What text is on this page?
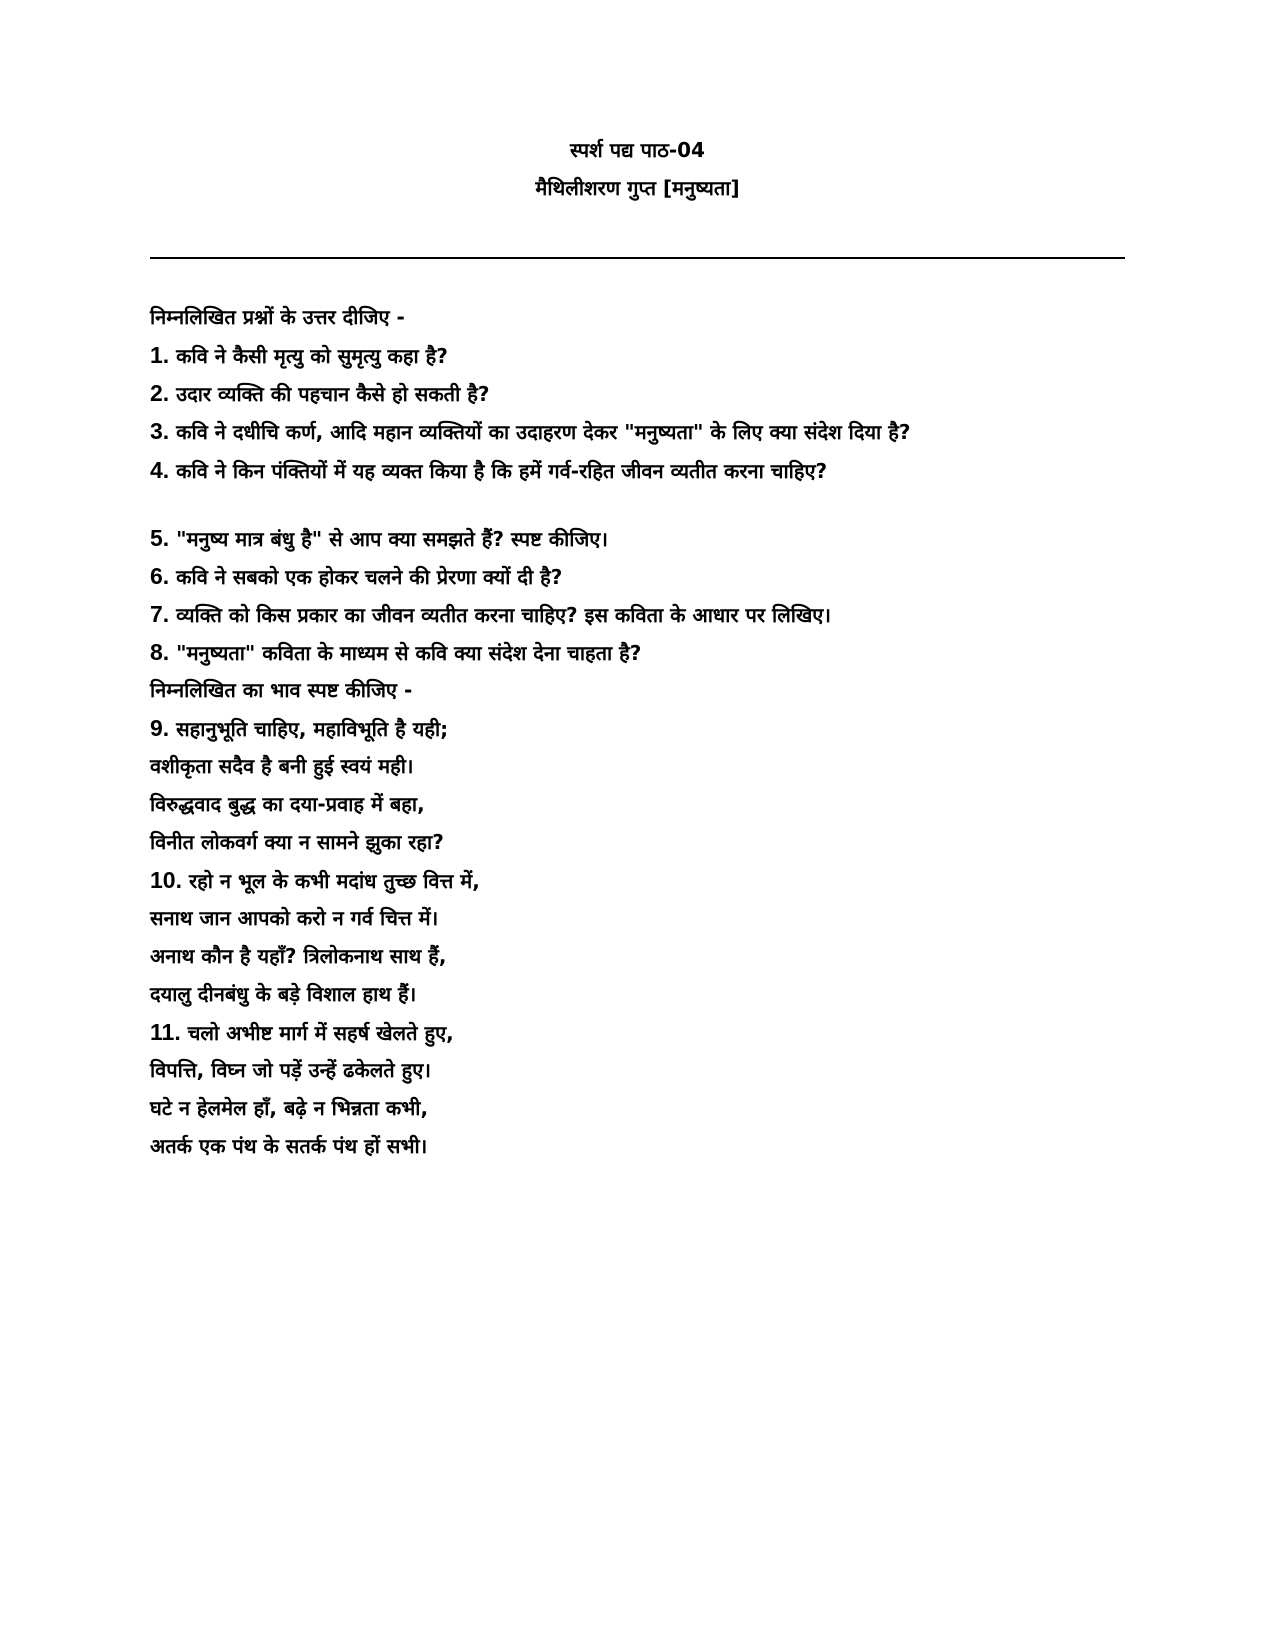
स्पर्श पद्य पाठ-04
मैथिलीशरण गुप्त [मनुष्यता]
निम्नलिखित प्रश्नों के उत्तर दीजिए -
1. कवि ने कैसी मृत्यु को सुमृत्यु कहा है?
2. उदार व्यक्ति की पहचान कैसे हो सकती है?
3. कवि ने दधीचि कर्ण, आदि महान व्यक्तियों का उदाहरण देकर "मनुष्यता" के लिए क्या संदेश दिया है?
4. कवि ने किन पंक्तियों में यह व्यक्त किया है कि हमें गर्व-रहित जीवन व्यतीत करना चाहिए?
5. "मनुष्य मात्र बंधु है" से आप क्या समझते हैं? स्पष्ट कीजिए।
6. कवि ने सबको एक होकर चलने की प्रेरणा क्यों दी है?
7. व्यक्ति को किस प्रकार का जीवन व्यतीत करना चाहिए? इस कविता के आधार पर लिखिए।
8. "मनुष्यता" कविता के माध्यम से कवि क्या संदेश देना चाहता है?
निम्नलिखित का भाव स्पष्ट कीजिए -
9. सहानुभूति चाहिए, महाविभूति है यही;
वशीकृता सदैव है बनी हुई स्वयं मही।
विरुद्धवाद बुद्ध का दया-प्रवाह में बहा,
विनीत लोकवर्ग क्या न सामने झुका रहा?
10. रहो न भूल के कभी मदांध तुच्छ वित्त में,
सनाथ जान आपको करो न गर्व चित्त में।
अनाथ कौन है यहाँ? त्रिलोकनाथ साथ हैं,
दयालु दीनबंधु के बड़े विशाल हाथ हैं।
11. चलो अभीष्ट मार्ग में सहर्ष खेलते हुए,
विपत्ति, विघ्न जो पड़ें उन्हें ढकेलते हुए।
घटे न हेलमेल हाँ, बढ़े न भिन्नता कभी,
अतर्क एक पंथ के सतर्क पंथ हों सभी।
